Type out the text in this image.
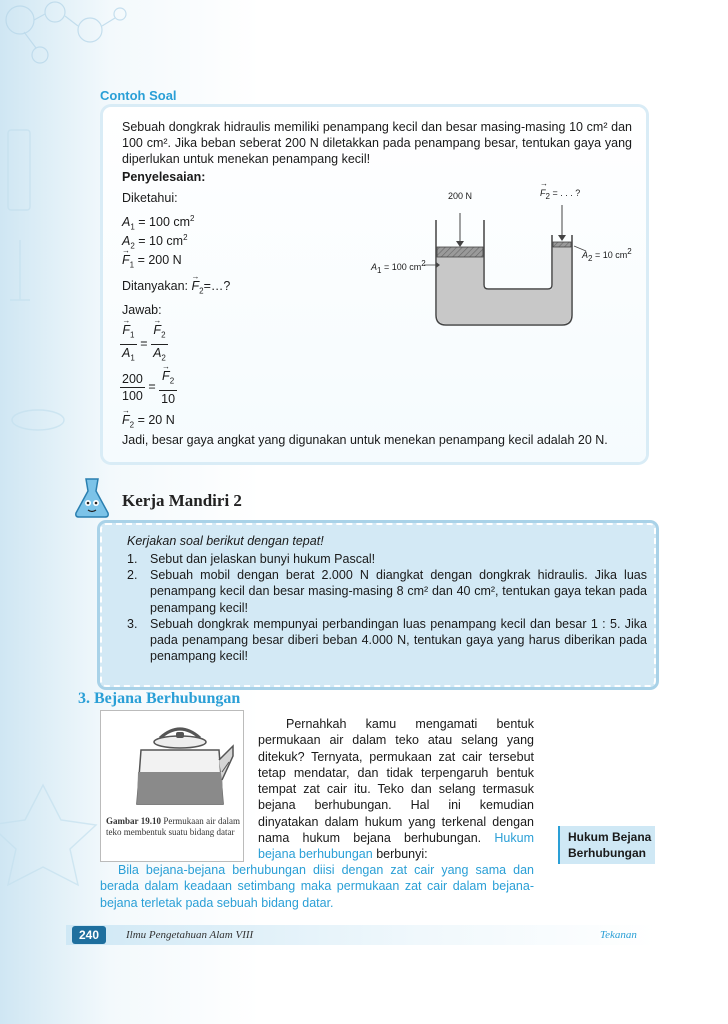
Contoh Soal
Sebuah dongkrak hidraulis memiliki penampang kecil dan besar masing-masing 10 cm² dan 100 cm². Jika beban seberat 200 N diletakkan pada penampang besar, tentukan gaya yang diperlukan untuk menekan penampang kecil!
Penyelesaian:
Diketahui:
$A_1 = 100$ $cm^2$
$A_2 = 10$ $cm^2$
→ $F_1 = 200$ N
Ditanyakan: → $F_2=\dots$?
Jawab:
→ $\frac{F_1}{A_1}$ = → $\frac{F_2}{A_2}$
$\frac{200}{100}$ = → $\frac{F_2}{10}$
→ $F_2 = 20$ N
Jadi, besar gaya angkat yang digunakan untuk menekan penampang kecil adalah 20 N.
200 N	→ F2 = . . . ?
A1 = 100 cm2
A2 = 10 cm2
Kerja Mandiri 2
Kerjakan soal berikut dengan tepat!
1.	Sebut dan jelaskan bunyi hukum Pascal!
2.	Sebuah mobil dengan berat 2.000 N diangkat dengan dongkrak hidraulis. Jika luas penampang kecil dan besar masing-masing 8 cm² dan 40 cm², tentukan gaya tekan pada penampang kecil!
3.	Sebuah dongkrak mempunyai perbandingan luas penampang kecil dan besar 1 : 5. Jika pada penampang besar diberi beban 4.000 N, tentukan gaya yang harus diberikan pada penampang kecil!
3. Bejana Berhubungan
Gambar 19.10 Permukaan air dalam teko membentuk suatu bidang datar
Pernahkah kamu mengamati bentuk permukaan air dalam teko atau selang yang ditekuk? Ternyata, permukaan zat cair tersebut tetap mendatar, dan tidak terpengaruh bentuk tempat zat cair itu. Teko dan selang termasuk bejana berhubungan. Hal ini kemudian dinyatakan dalam hukum yang terkenal dengan nama hukum bejana berhubungan. Hukum bejana berhubungan berbunyi:
Hukum Bejana
Berhubungan
Bila bejana-bejana berhubungan diisi dengan zat cair yang sama dan berada dalam keadaan setimbang maka permukaan zat cair dalam bejana-bejana terletak pada sebuah bidang datar.
240	Ilmu Pengetahuan Alam VIII	Tekanan
